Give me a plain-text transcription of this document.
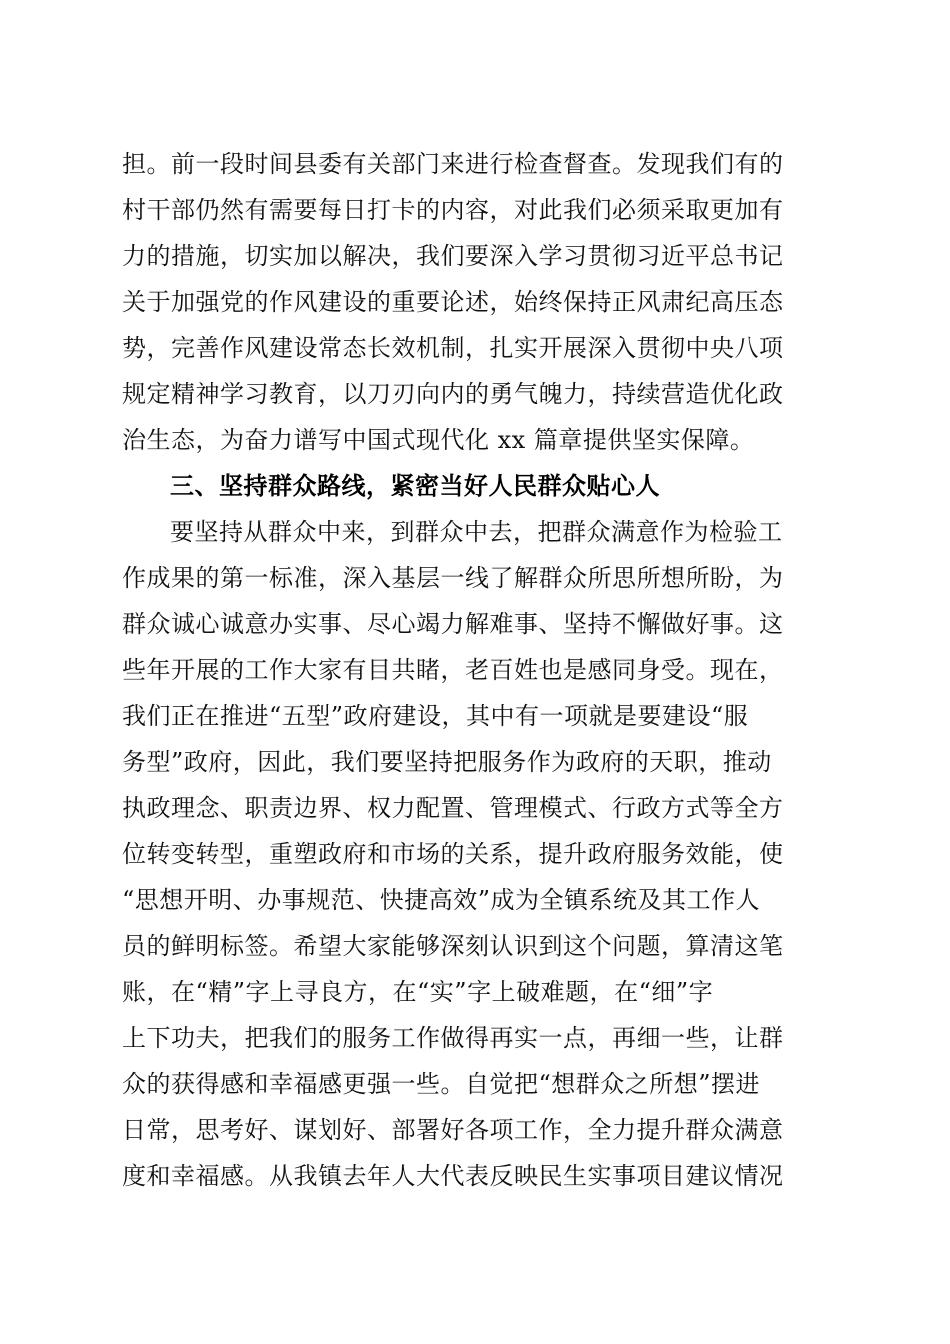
担。前一段时间县委有关部门来进行检查督查。发现我们有的
村干部仍然有需要每日打卡的内容，对此我们必须采取更加有
力的措施，切实加以解决，我们要深入学习贯彻习近平总书记
关于加强党的作风建设的重要论述，始终保持正风肃纪高压态
势，完善作风建设常态长效机制，扎实开展深入贯彻中央八项
规定精神学习教育，以刀刃向内的勇气魄力，持续营造优化政
治生态，为奋力谱写中国式现代化 xx 篇章提供坚实保障。
三、坚持群众路线，紧密当好人民群众贴心人
要坚持从群众中来，到群众中去，把群众满意作为检验工
作成果的第一标准，深入基层一线了解群众所思所想所盼，为
群众诚心诚意办实事、尽心竭力解难事、坚持不懈做好事。这
些年开展的工作大家有目共睹，老百姓也是感同身受。现在，
我们正在推进“五型”政府建设，其中有一项就是要建设“服
务型”政府，因此，我们要坚持把服务作为政府的天职，推动
执政理念、职责边界、权力配置、管理模式、行政方式等全方
位转变转型，重塑政府和市场的关系，提升政府服务效能，使
“思想开明、办事规范、快捷高效”成为全镇系统及其工作人
员的鲜明标签。希望大家能够深刻认识到这个问题，算清这笔
账，在“精”字上寻良方，在“实”字上破难题，在“细”字
上下功夫，把我们的服务工作做得再实一点，再细一些，让群
众的获得感和幸福感更强一些。自觉把“想群众之所想”摆进
日常，思考好、谋划好、部署好各项工作，全力提升群众满意
度和幸福感。从我镇去年人大代表反映民生实事项目建议情况
